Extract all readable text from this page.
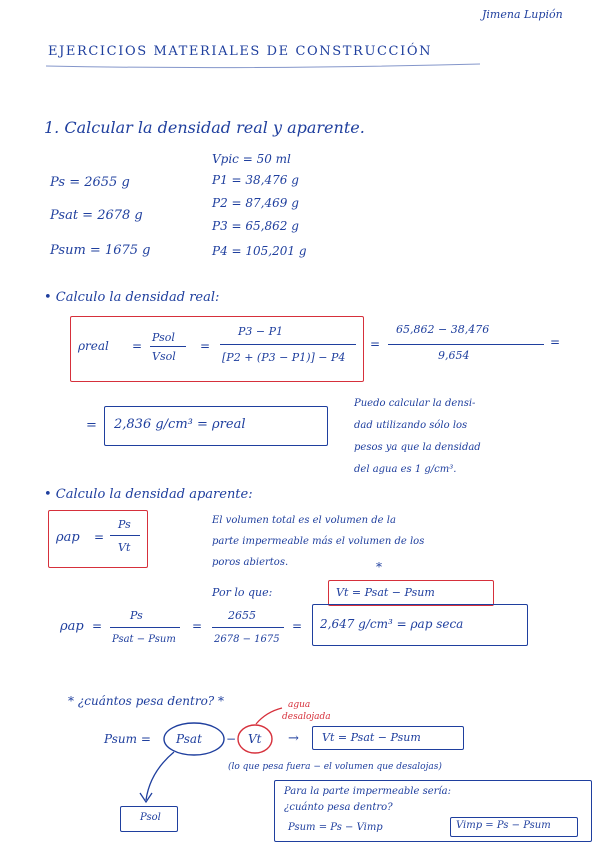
Jimena Lupión
EJERCICIOS MATERIALES DE CONSTRUCCIÓN
1. Calcular la densidad real y aparente.
Ps = 2655 g
Psat = 2678 g
Psum = 1675 g
Vpic = 50 ml
P1 = 38,476 g
P2 = 87,469 g
P3 = 65,862 g
P4 = 105,201 g
• Calculo la densidad real:
ρreal =
Psol
Vsol
=
P3 − P1
[P2 + (P3 − P1)] − P4
=
65,862 − 38,476
9,654
=
= 2,836 g/cm³ = ρreal
Puedo calcular la densi-
dad utilizando sólo los
pesos ya que la densidad
del agua es 1 g/cm³.
• Calculo la densidad aparente:
ρap =
Ps
Vt
El volumen total es el volumen de la
parte impermeable más el volumen de los
poros abiertos.	*
Por lo que:	Vt = Psat − Psum
ρap =
Ps
Psat − Psum
=
2655
2678 − 1675
= 2,647 g/cm³ = ρap seca
* ¿cuántos pesa dentro? *
Psum = Psat − Vt
agua
desalojada
→ Vt = Psat − Psum
(lo que pesa fuera − el volumen que desalojas)
Psol
Para la parte impermeable sería:
¿cuánto pesa dentro?
Psum = Ps − Vimp	Vimp = Ps − Psum
